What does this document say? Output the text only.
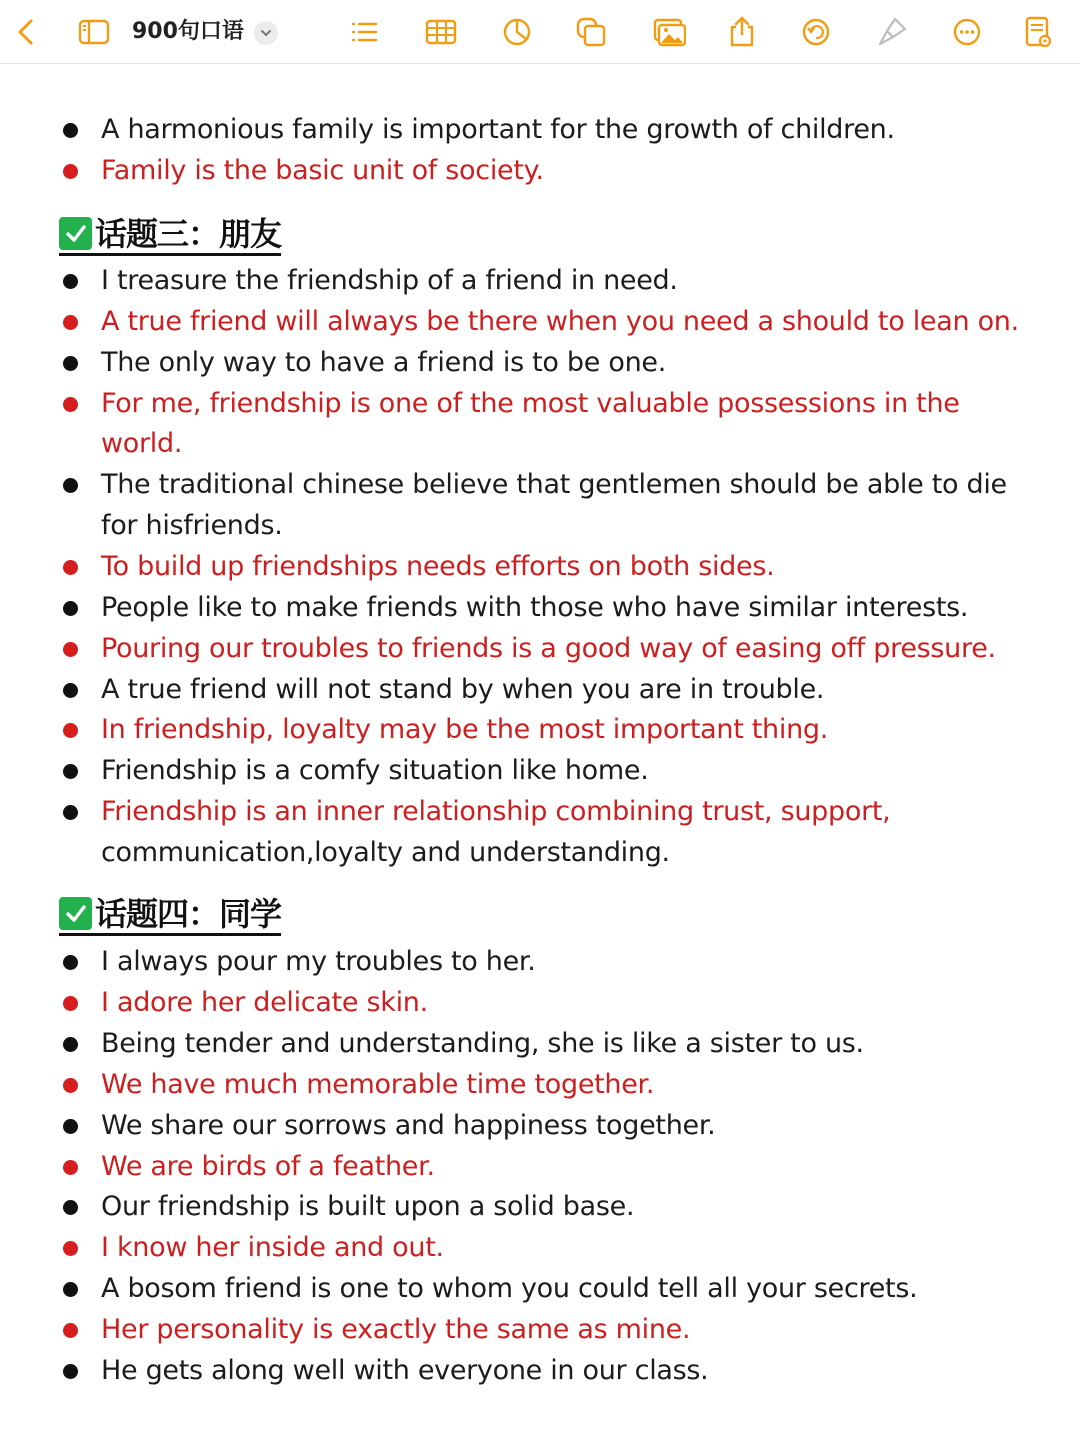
900句口语
A harmonious family is important for the growth of children.
Family is the basic unit of society.
话题三：朋友
I treasure the friendship of a friend in need.
A true friend will always be there when you need a should to lean on.
The only way to have a friend is to be one.
For me, friendship is one of the most valuable possessions in the
world.
The traditional chinese believe that gentlemen should be able to die
for hisfriends.
To build up friendships needs efforts on both sides.
People like to make friends with those who have similar interests.
Pouring our troubles to friends is a good way of easing off pressure.
A true friend will not stand by when you are in trouble.
In friendship, loyalty may be the most important thing.
Friendship is a comfy situation like home.
Friendship is an inner relationship combining trust, support,
communication,loyalty and understanding.
话题四：同学
I always pour my troubles to her.
I adore her delicate skin.
Being tender and understanding, she is like a sister to us.
We have much memorable time together.
We share our sorrows and happiness together.
We are birds of a feather.
Our friendship is built upon a solid base.
I know her inside and out.
A bosom friend is one to whom you could tell all your secrets.
Her personality is exactly the same as mine.
He gets along well with everyone in our class.
